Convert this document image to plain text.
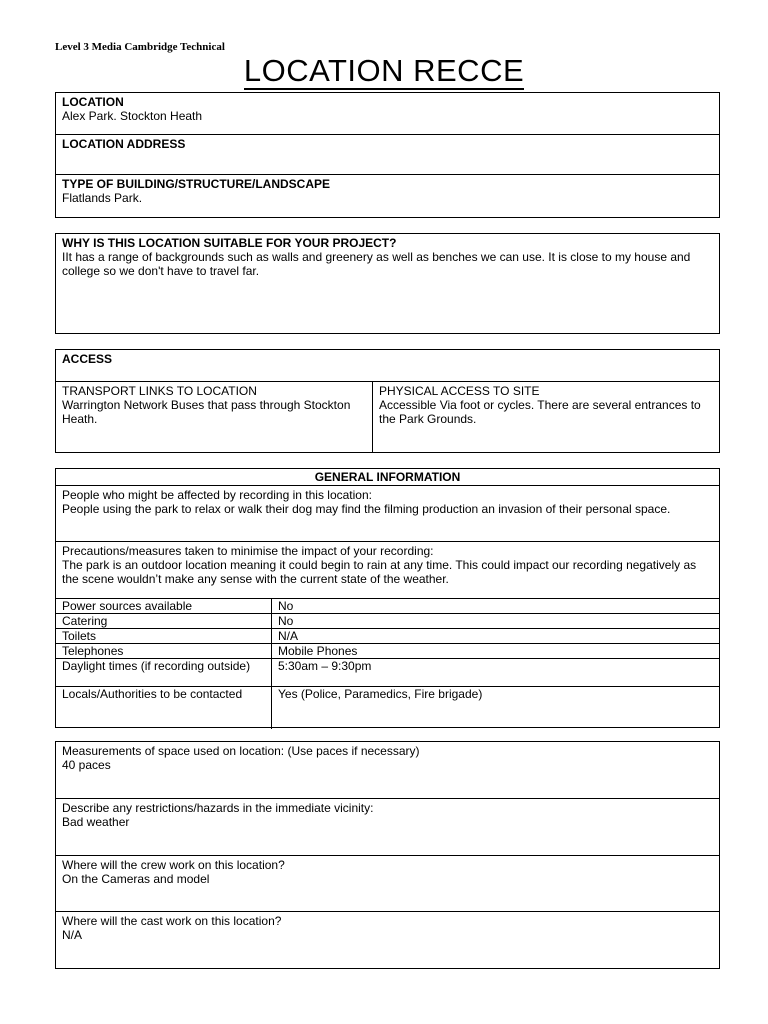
Level 3 Media Cambridge Technical
LOCATION RECCE
LOCATION
Alex Park. Stockton Heath
LOCATION ADDRESS
TYPE OF BUILDING/STRUCTURE/LANDSCAPE
Flatlands Park.
WHY IS THIS LOCATION SUITABLE FOR YOUR PROJECT?
IIt has a range of backgrounds such as walls and greenery as well as benches we can use. It is close to my house and college so we don't have to travel far.
ACCESS
TRANSPORT LINKS TO LOCATION
Warrington Network Buses that pass through Stockton Heath.
PHYSICAL ACCESS TO SITE
Accessible Via foot or cycles. There are several entrances to the Park Grounds.
GENERAL INFORMATION
People who might be affected by recording in this location:
People using the park to relax or walk their dog may find the filming production an invasion of their personal space.
Precautions/measures taken to minimise the impact of your recording:
The park is an outdoor location meaning it could begin to rain at any time. This could impact our recording negatively as the scene wouldn’t make any sense with the current state of the weather.
Power sources available	No
Catering	No
Toilets	N/A
Telephones	Mobile Phones
Daylight times (if recording outside)	5:30am – 9:30pm
Locals/Authorities to be contacted	Yes (Police, Paramedics, Fire brigade)
Measurements of space used on location: (Use paces if necessary)
40 paces
Describe any restrictions/hazards in the immediate vicinity:
Bad weather
Where will the crew work on this location?
On the Cameras and model
Where will the cast work on this location?
N/A
